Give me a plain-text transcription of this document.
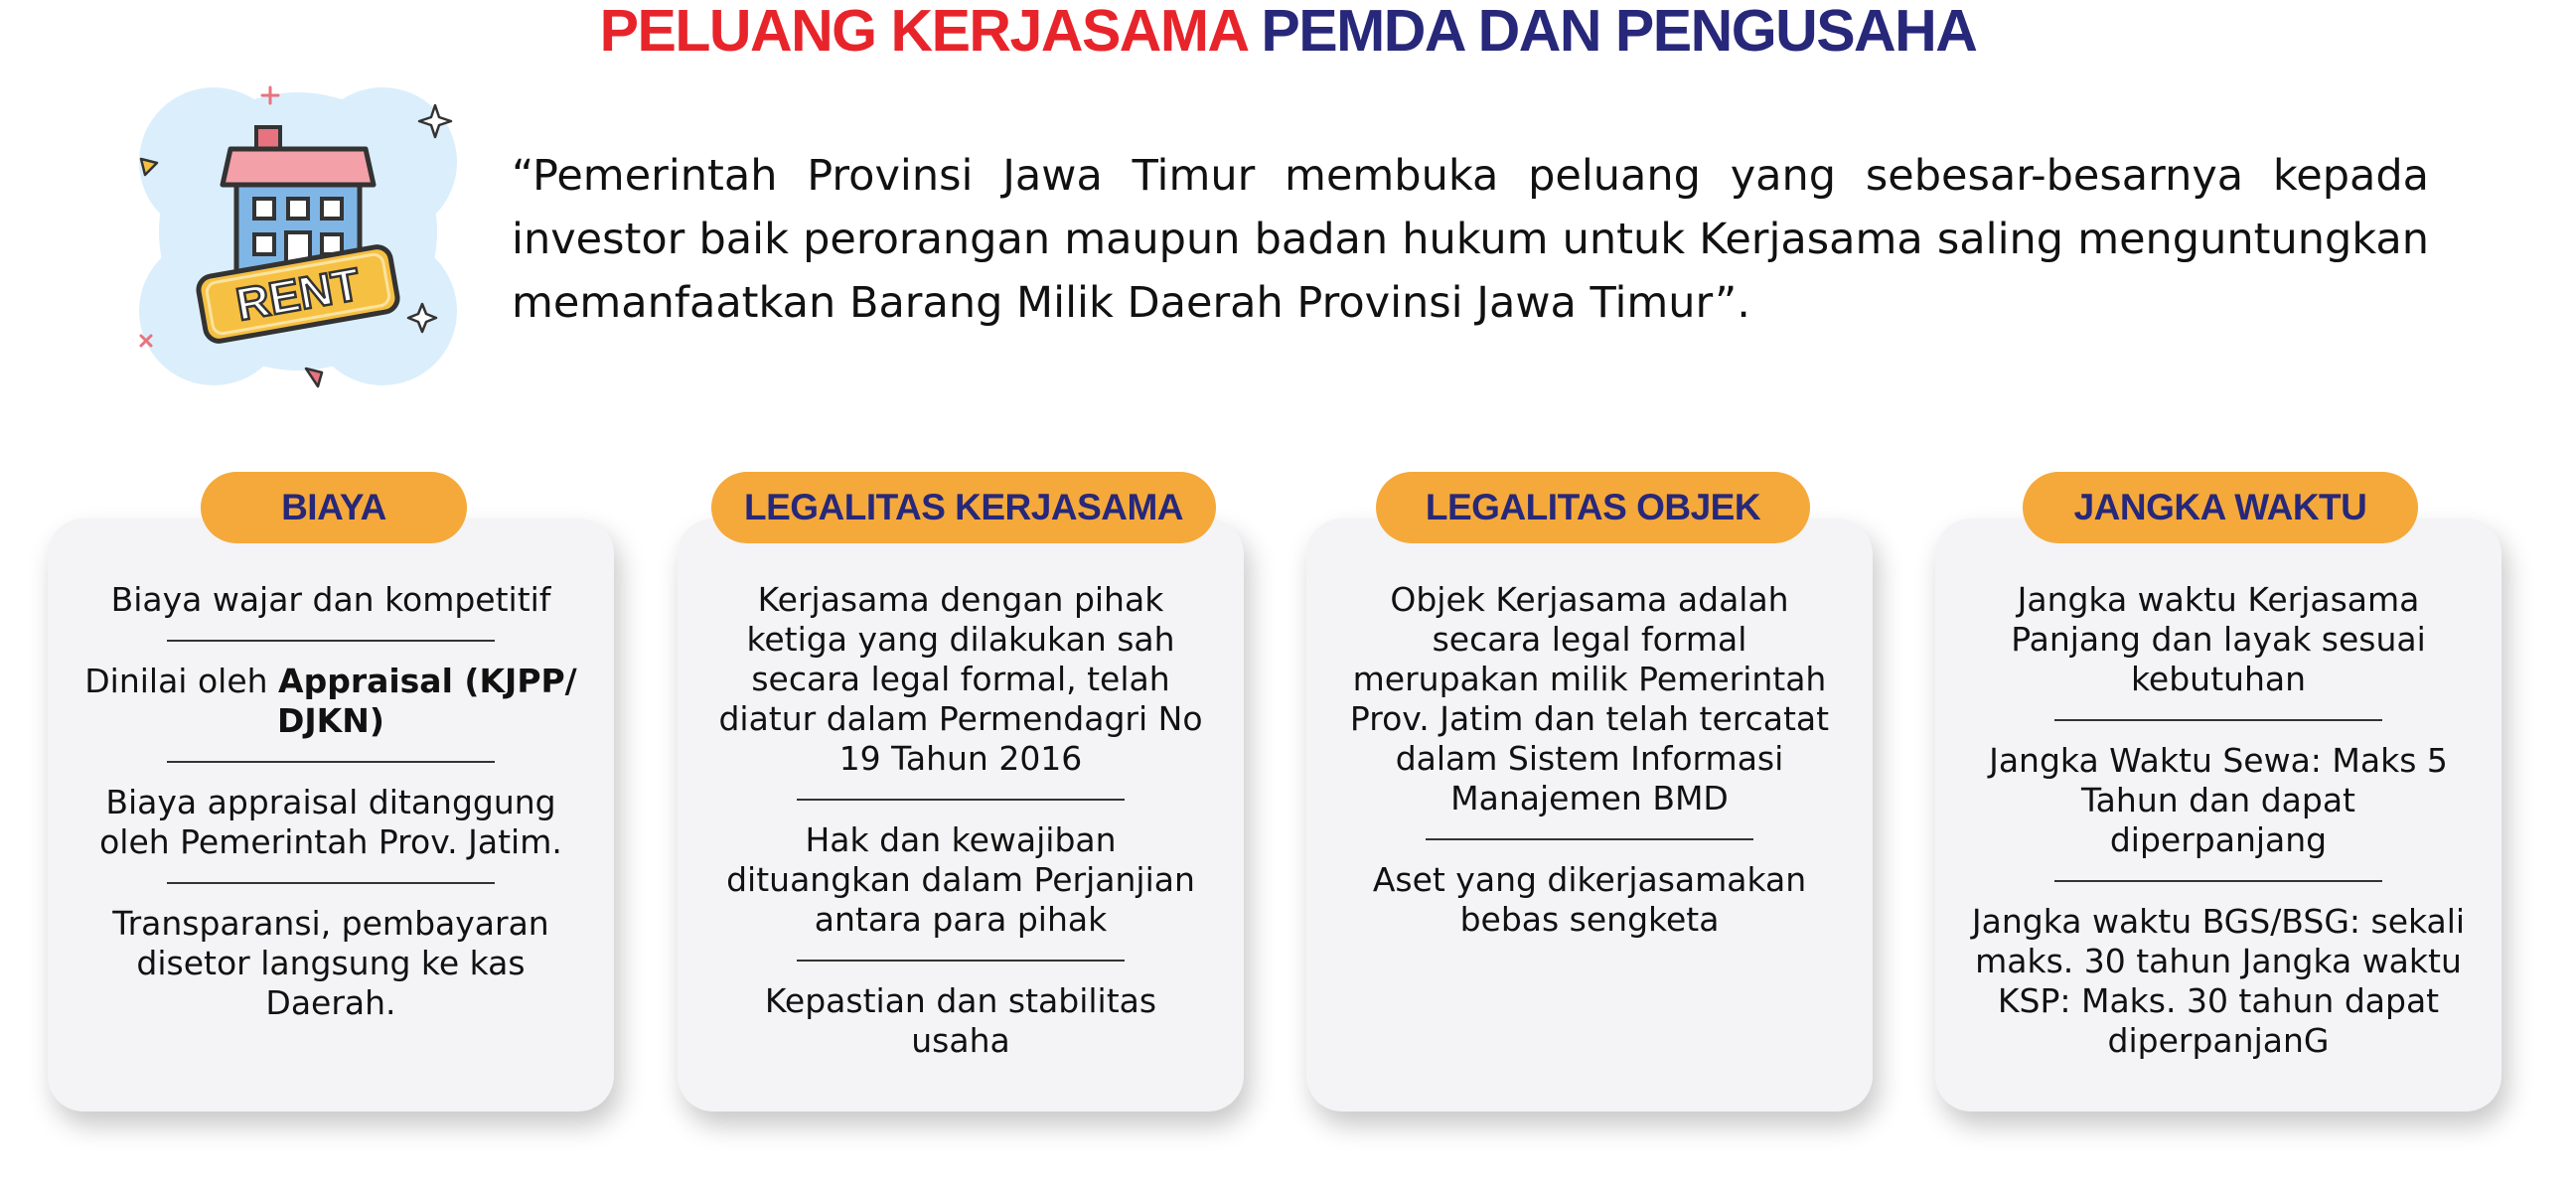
PELUANG KERJASAMA PEMDA DAN PENGUSAHA
RENT
“Pemerintah Provinsi Jawa Timur membuka peluang yang sebesar-besarnya kepada investor baik perorangan maupun badan hukum untuk Kerjasama saling menguntungkan memanfaatkan Barang Milik Daerah Provinsi Jawa Timur”.
Biaya wajar dan kompetitif
Dinilai oleh Appraisal (KJPP/ DJKN)
Biaya appraisal ditanggung oleh Pemerintah Prov. Jatim.
Transparansi, pembayaran disetor langsung ke kas Daerah.
BIAYA
Kerjasama dengan pihak ketiga yang dilakukan sah secara legal formal, telah diatur dalam Permendagri No 19 Tahun 2016
Hak dan kewajiban dituangkan dalam Perjanjian antara para pihak
Kepastian dan stabilitas usaha
LEGALITAS KERJASAMA
Objek Kerjasama adalah secara legal formal merupakan milik Pemerintah Prov. Jatim dan telah tercatat dalam Sistem Informasi Manajemen BMD
Aset yang dikerjasamakan bebas sengketa
LEGALITAS OBJEK
Jangka waktu Kerjasama Panjang dan layak sesuai kebutuhan
Jangka Waktu Sewa: Maks 5 Tahun dan dapat diperpanjang
Jangka waktu BGS/BSG: sekali maks. 30 tahun Jangka waktu KSP: Maks. 30 tahun dapat diperpanjanG
JANGKA WAKTU
